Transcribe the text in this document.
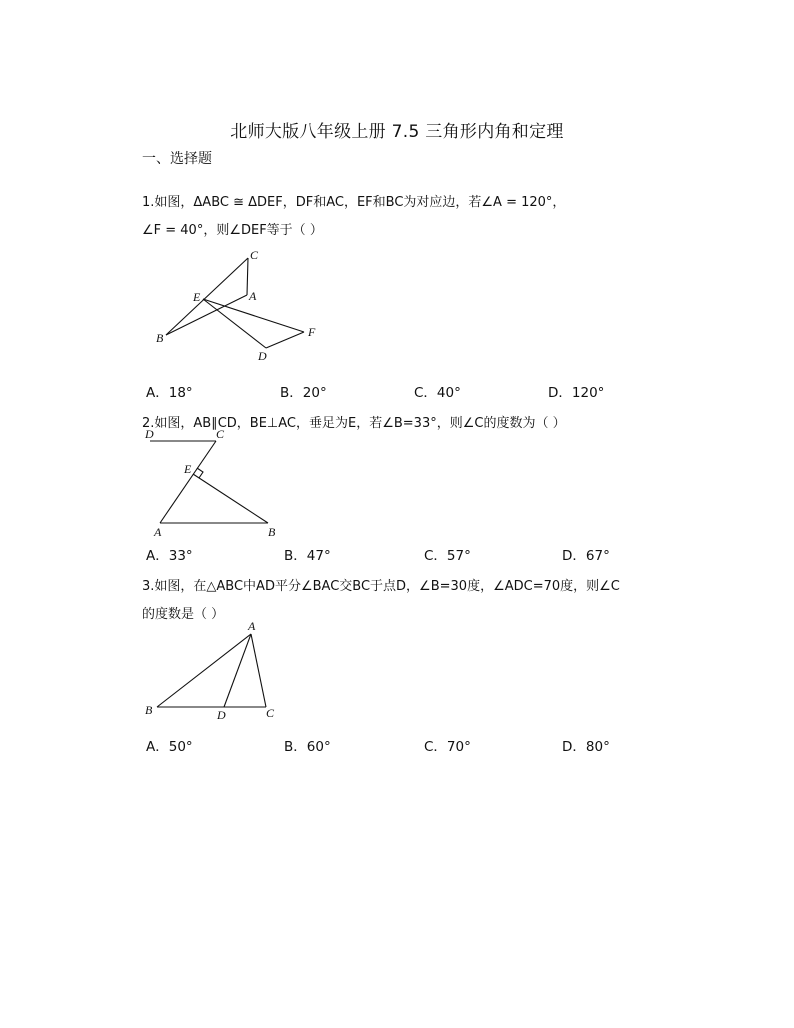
北师大版八年级上册 7.5 三角形内角和定理
一、选择题
1.如图，ΔABC ≅ ΔDEF，DF和AC，EF和BC为对应边，若∠A = 120°，
∠F = 40°，则∠DEF等于（ ）
C
E	A
B
D
F
A．18°	B．20°	C．40°	D．120°
2.如图，AB∥CD，BE⊥AC，垂足为E，若∠B=33°，则∠C的度数为（ ）
D	C
E
A	B
A．33°	B．47°	C．57°	D．67°
3.如图，在△ABC中AD平分∠BAC交BC于点D，∠B=30度，∠ADC=70度，则∠C
的度数是（ ）
A
B	D	C
A．50°	B．60°	C．70°	D．80°
